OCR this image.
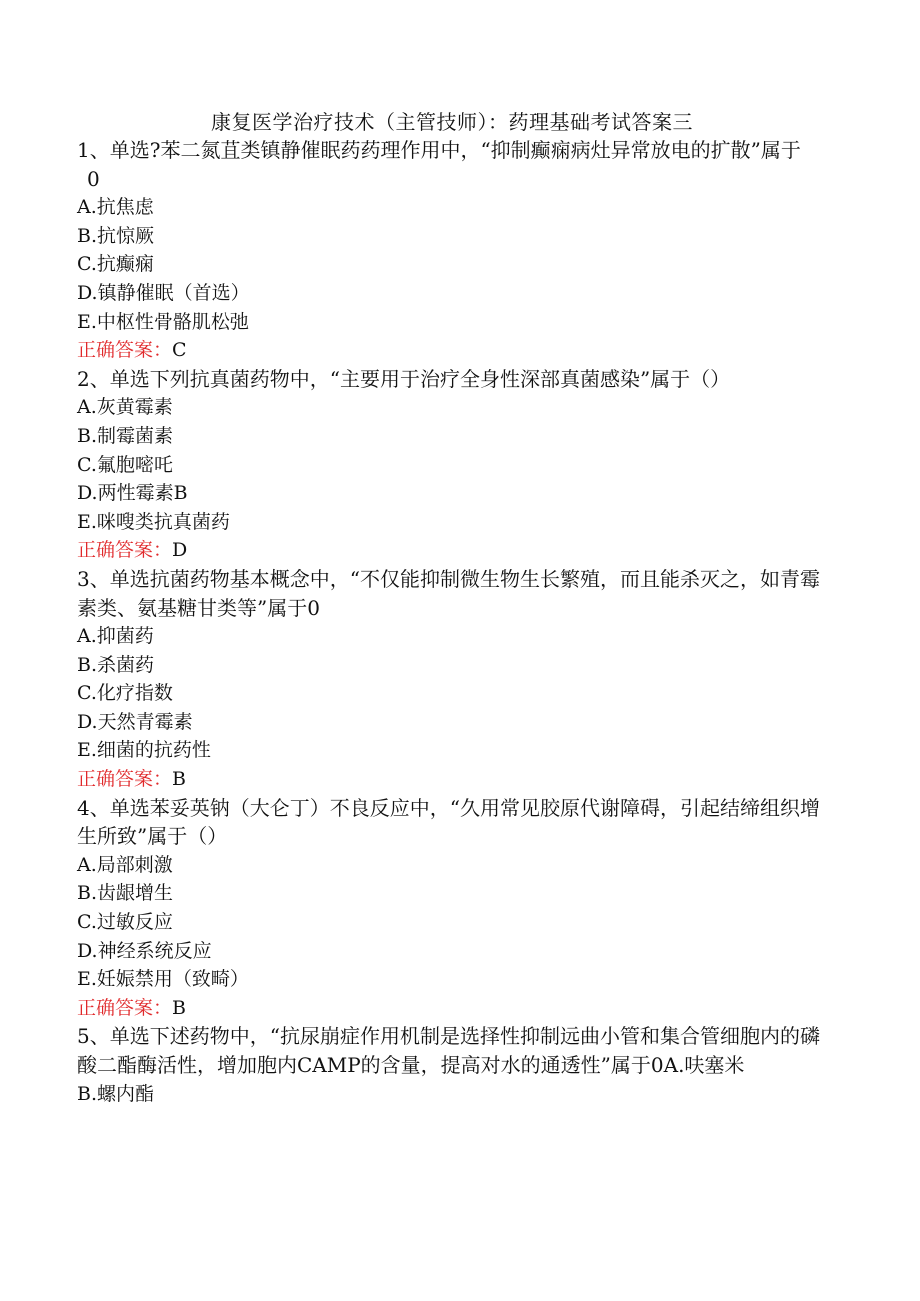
康复医学治疗技术（主管技师）：药理基础考试答案三
1、单选?苯二氮苴类镇静催眠药药理作用中，“抑制癫痫病灶异常放电的扩散”属于
0
A.抗焦虑
B.抗惊厥
C.抗癫痫
D.镇静催眠（首选）
E.中枢性骨骼肌松弛
正确答案：C
2、单选下列抗真菌药物中，“主要用于治疗全身性深部真菌感染”属于（）
A.灰黄霉素
B.制霉菌素
C.氟胞嘧吒
D.两性霉素B
E.咪嗖类抗真菌药
正确答案：D
3、单选抗菌药物基本概念中，“不仅能抑制微生物生长繁殖，而且能杀灭之，如青霉素类、氨基糖甘类等”属于0
A.抑菌药
B.杀菌药
C.化疗指数
D.天然青霉素
E.细菌的抗药性
正确答案：B
4、单选苯妥英钠（大仑丁）不良反应中，“久用常见胶原代谢障碍，引起结缔组织增生所致”属于（）
A.局部刺激
B.齿龈增生
C.过敏反应
D.神经系统反应
E.妊娠禁用（致畸）
正确答案：B
5、单选下述药物中，“抗尿崩症作用机制是选择性抑制远曲小管和集合管细胞内的磷酸二酯酶活性，增加胞内CAMP的含量，提高对水的通透性”属于0A.呋塞米
B.螺内酯
